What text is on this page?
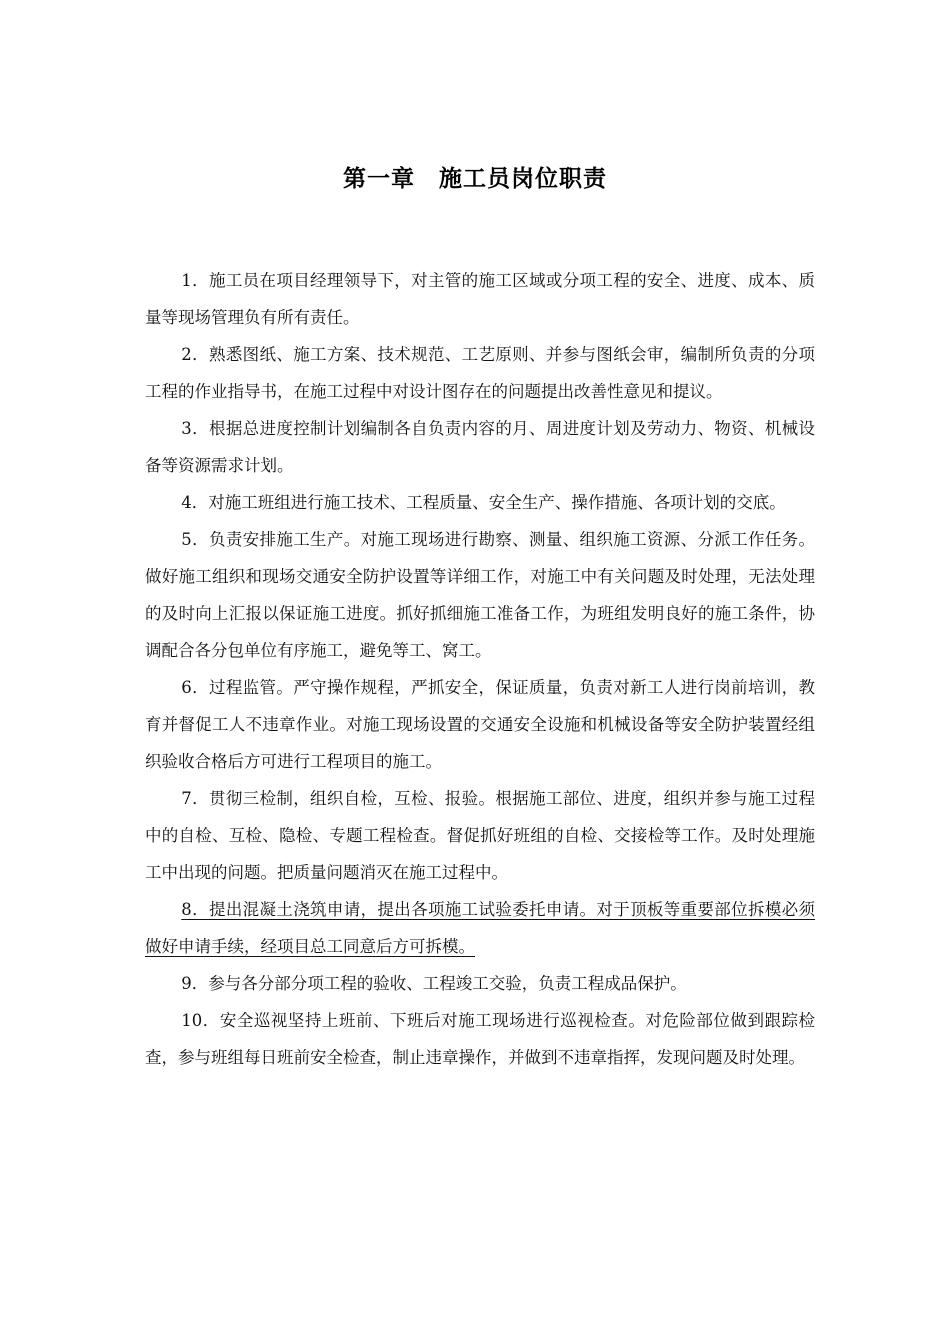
第一章　施工员岗位职责

1．施工员在项目经理领导下，对主管的施工区域或分项工程的安全、进度、成本、质量等现场管理负有所有责任。

2．熟悉图纸、施工方案、技术规范、工艺原则、并参与图纸会审，编制所负责的分项工程的作业指导书，在施工过程中对设计图存在的问题提出改善性意见和提议。

3．根据总进度控制计划编制各自负责内容的月、周进度计划及劳动力、物资、机械设备等资源需求计划。

4．对施工班组进行施工技术、工程质量、安全生产、操作措施、各项计划的交底。

5．负责安排施工生产。对施工现场进行勘察、测量、组织施工资源、分派工作任务。做好施工组织和现场交通安全防护设置等详细工作，对施工中有关问题及时处理，无法处理的及时向上汇报以保证施工进度。抓好抓细施工准备工作，为班组发明良好的施工条件，协调配合各分包单位有序施工，避免等工、窝工。

6．过程监管。严守操作规程，严抓安全，保证质量，负责对新工人进行岗前培训，教育并督促工人不违章作业。对施工现场设置的交通安全设施和机械设备等安全防护装置经组织验收合格后方可进行工程项目的施工。

7．贯彻三检制，组织自检，互检、报验。根据施工部位、进度，组织并参与施工过程中的自检、互检、隐检、专题工程检查。督促抓好班组的自检、交接检等工作。及时处理施工中出现的问题。把质量问题消灭在施工过程中。

8．提出混凝土浇筑申请，提出各项施工试验委托申请。对于顶板等重要部位拆模必须做好申请手续，经项目总工同意后方可拆模。

9．参与各分部分项工程的验收、工程竣工交验，负责工程成品保护。

10．安全巡视坚持上班前、下班后对施工现场进行巡视检查。对危险部位做到跟踪检查，参与班组每日班前安全检查，制止违章操作，并做到不违章指挥，发现问题及时处理。
